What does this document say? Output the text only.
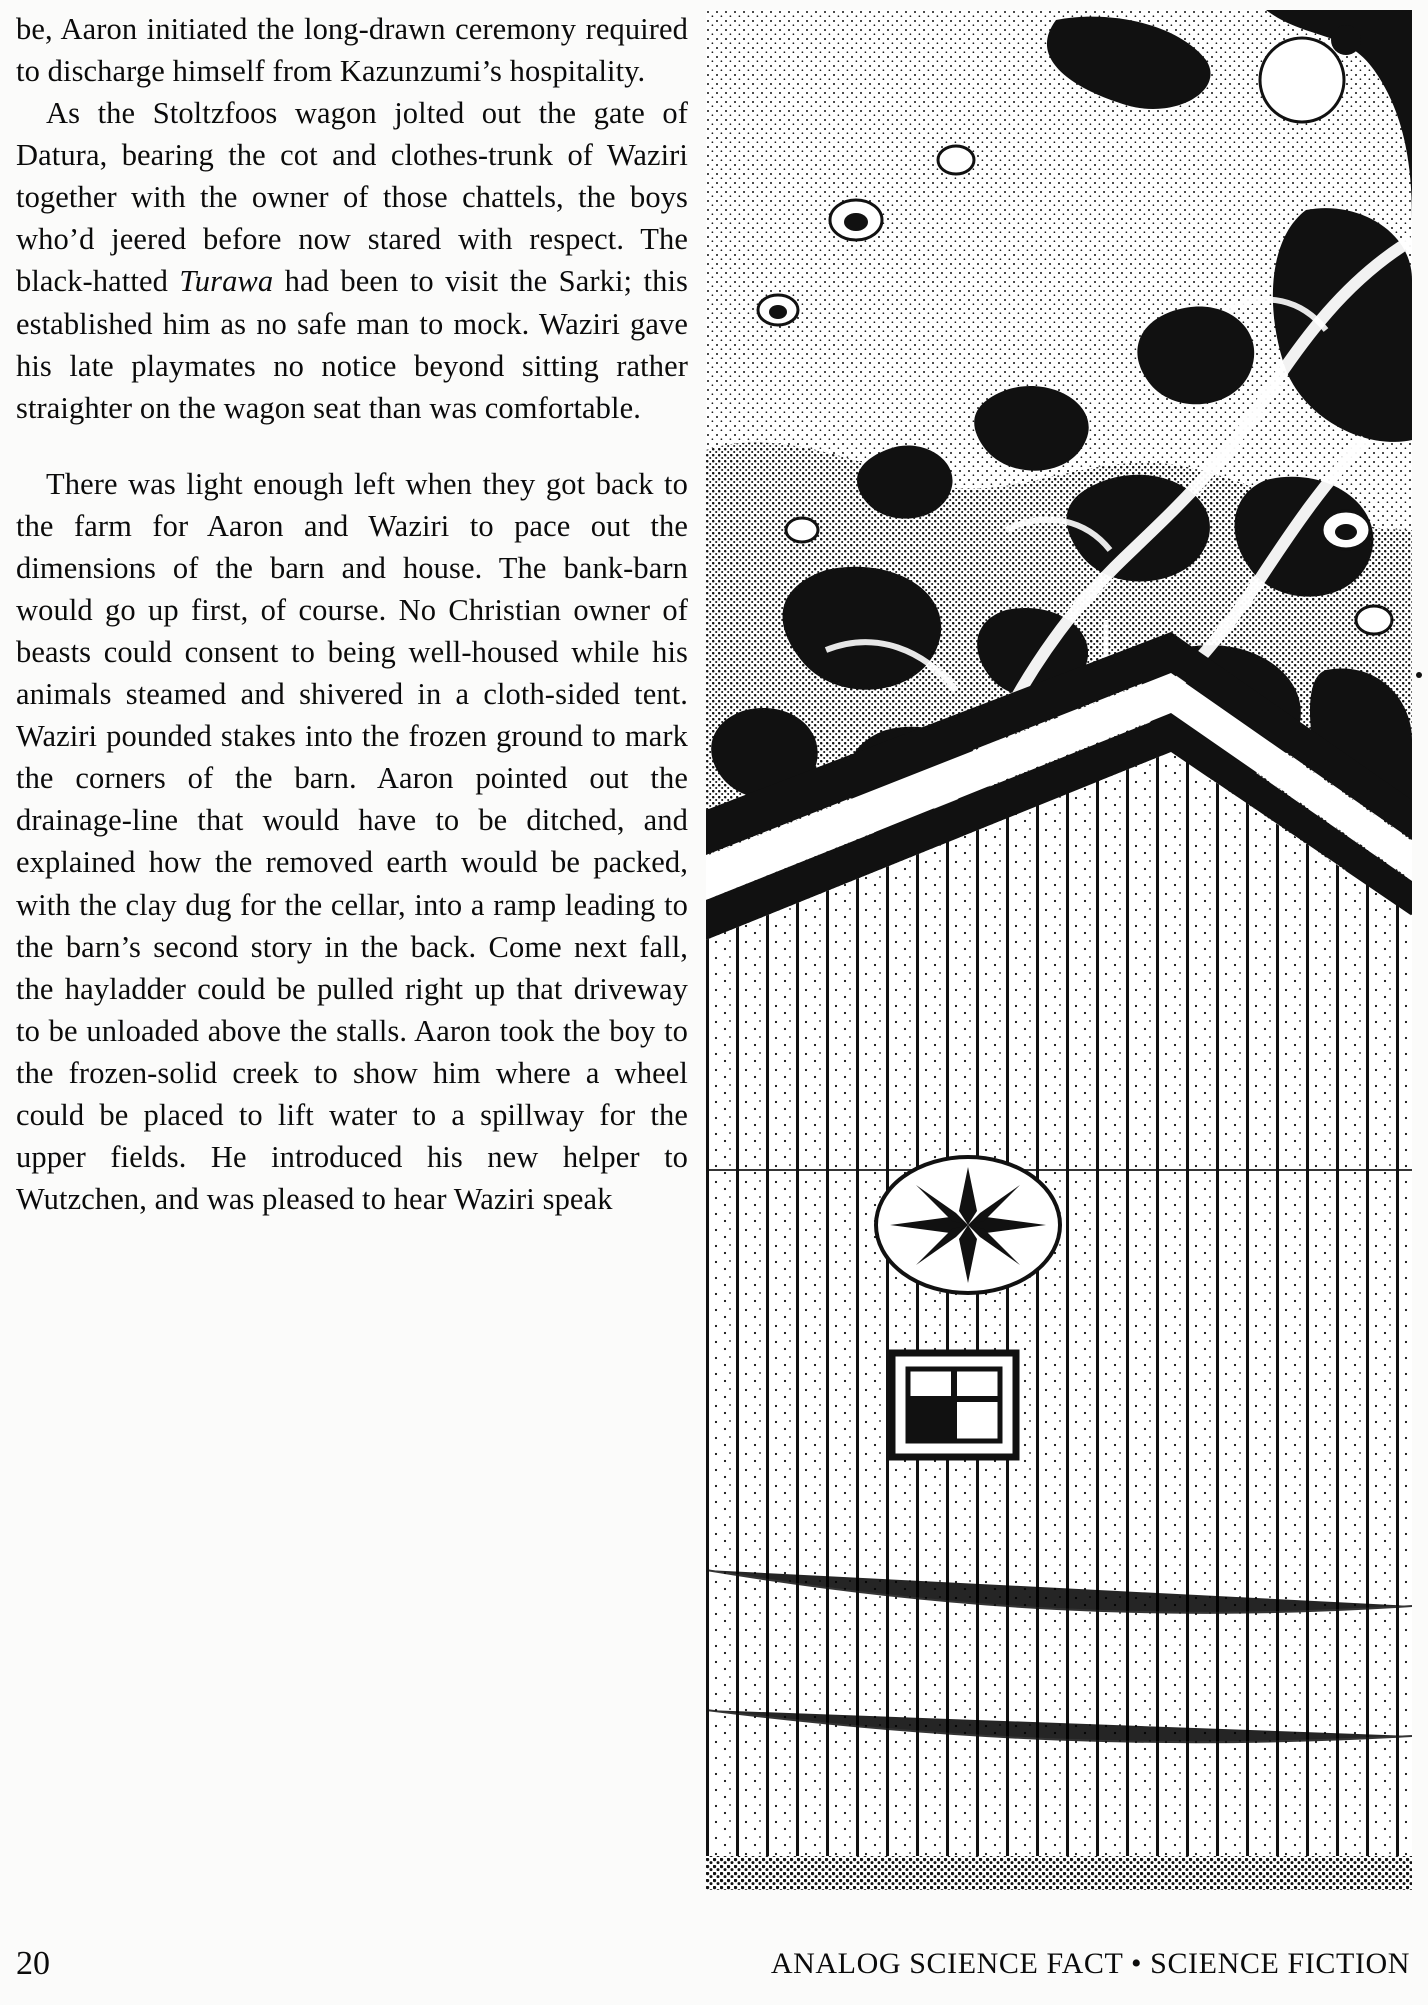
be, Aaron initiated the long-drawn ceremony required to discharge himself from Kazunzumi’s hospitality.

As the Stoltzfoos wagon jolted out the gate of Datura, bearing the cot and clothes-trunk of Waziri together with the owner of those chattels, the boys who’d jeered before now stared with respect. The black-hatted Turawa had been to visit the Sarki; this established him as no safe man to mock. Waziri gave his late playmates no notice beyond sitting rather straighter on the wagon seat than was comfortable.

There was light enough left when they got back to the farm for Aaron and Waziri to pace out the dimensions of the barn and house. The bank-barn would go up first, of course. No Christian owner of beasts could consent to being well-housed while his animals steamed and shivered in a cloth-sided tent. Waziri pounded stakes into the frozen ground to mark the corners of the barn. Aaron pointed out the drainage-line that would have to be ditched, and explained how the removed earth would be packed, with the clay dug for the cellar, into a ramp leading to the barn’s second story in the back. Come next fall, the hayladder could be pulled right up that driveway to be unloaded above the stalls. Aaron took the boy to the frozen-solid creek to show him where a wheel could be placed to lift water to a spillway for the upper fields. He introduced his new helper to Wutzchen, and was pleased to hear Waziri speak

20	ANALOG SCIENCE FACT • SCIENCE FICTION
